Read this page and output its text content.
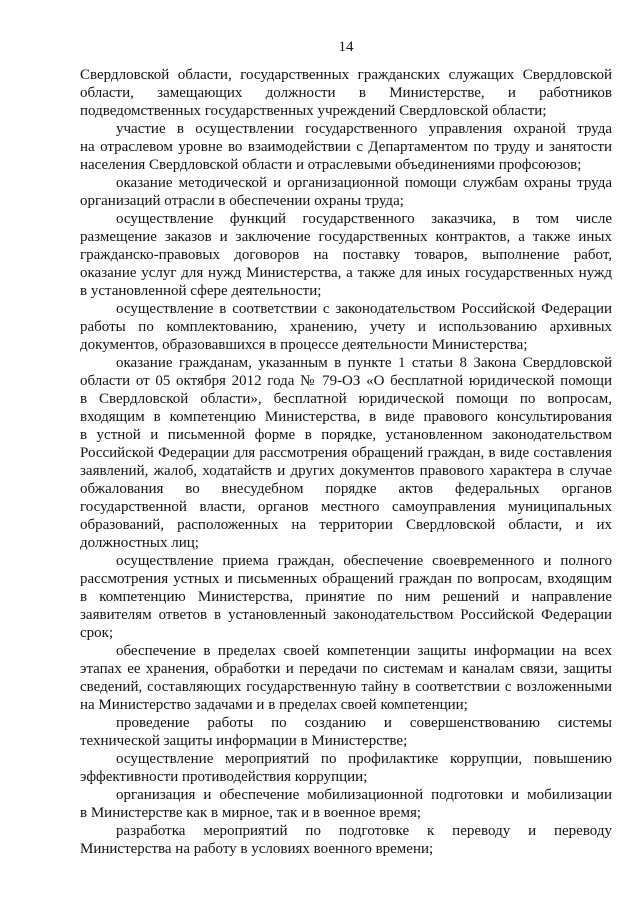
14
Свердловской области, государственных гражданских служащих Свердловской
области, замещающих должности в Министерстве, и работников
подведомственных государственных учреждений Свердловской области;
участие в осуществлении государственного управления охраной труда
на отраслевом уровне во взаимодействии с Департаментом по труду и занятости
населения Свердловской области и отраслевыми объединениями профсоюзов;
оказание методической и организационной помощи службам охраны труда
организаций отрасли в обеспечении охраны труда;
осуществление функций государственного заказчика, в том числе
размещение заказов и заключение государственных контрактов, а также иных
гражданско-правовых договоров на поставку товаров, выполнение работ,
оказание услуг для нужд Министерства, а также для иных государственных нужд
в установленной сфере деятельности;
осуществление в соответствии с законодательством Российской Федерации
работы по комплектованию, хранению, учету и использованию архивных
документов, образовавшихся в процессе деятельности Министерства;
оказание гражданам, указанным в пункте 1 статьи 8 Закона Свердловской
области от 05 октября 2012 года № 79-ОЗ «О бесплатной юридической помощи
в Свердловской области», бесплатной юридической помощи по вопросам,
входящим в компетенцию Министерства, в виде правового консультирования
в устной и письменной форме в порядке, установленном законодательством
Российской Федерации для рассмотрения обращений граждан, в виде составления
заявлений, жалоб, ходатайств и других документов правового характера в случае
обжалования во внесудебном порядке актов федеральных органов
государственной власти, органов местного самоуправления муниципальных
образований, расположенных на территории Свердловской области, и их
должностных лиц;
осуществление приема граждан, обеспечение своевременного и полного
рассмотрения устных и письменных обращений граждан по вопросам, входящим
в компетенцию Министерства, принятие по ним решений и направление
заявителям ответов в установленный законодательством Российской Федерации
срок;
обеспечение в пределах своей компетенции защиты информации на всех
этапах ее хранения, обработки и передачи по системам и каналам связи, защиты
сведений, составляющих государственную тайну в соответствии с возложенными
на Министерство задачами и в пределах своей компетенции;
проведение работы по созданию и совершенствованию системы
технической защиты информации в Министерстве;
осуществление мероприятий по профилактике коррупции, повышению
эффективности противодействия коррупции;
организация и обеспечение мобилизационной подготовки и мобилизации
в Министерстве как в мирное, так и в военное время;
разработка мероприятий по подготовке к переводу и переводу
Министерства на работу в условиях военного времени;
